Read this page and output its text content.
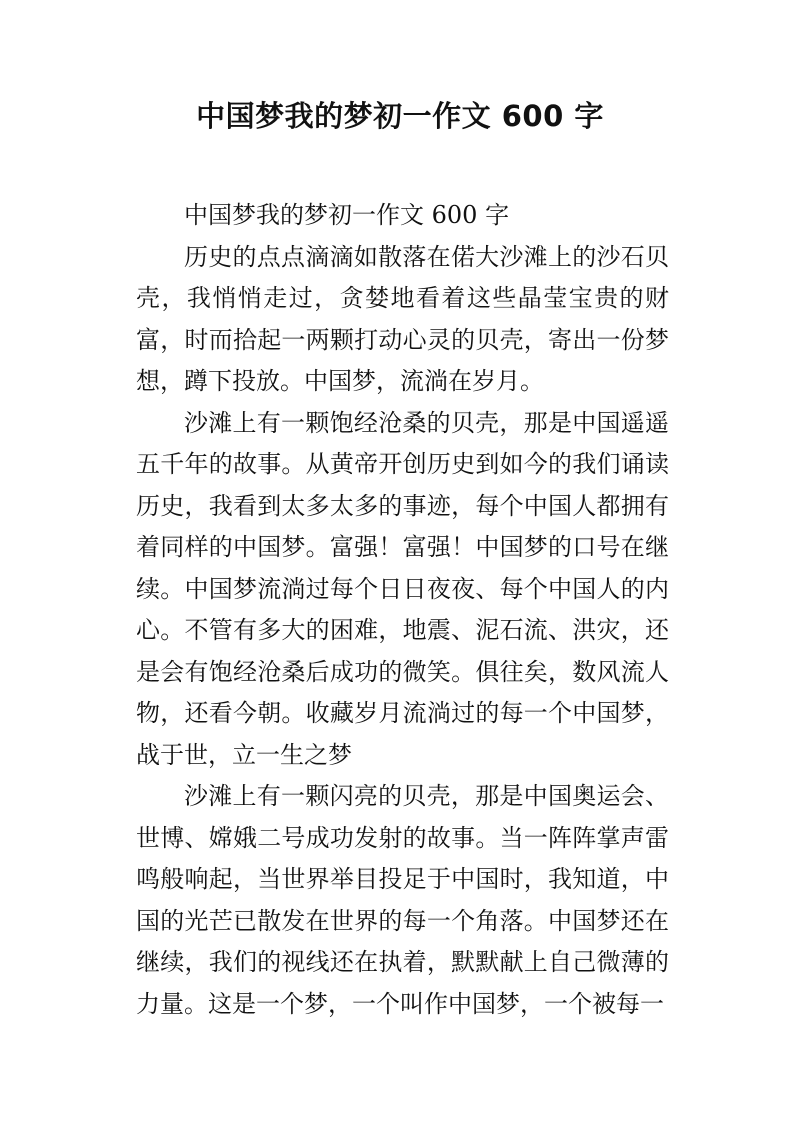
中国梦我的梦初一作文 600 字

中国梦我的梦初一作文 600 字

历史的点点滴滴如散落在偌大沙滩上的沙石贝壳，我悄悄走过，贪婪地看着这些晶莹宝贵的财富，时而拾起一两颗打动心灵的贝壳，寄出一份梦想，蹲下投放。中国梦，流淌在岁月。

沙滩上有一颗饱经沧桑的贝壳，那是中国遥遥五千年的故事。从黄帝开创历史到如今的我们诵读历史，我看到太多太多的事迹，每个中国人都拥有着同样的中国梦。富强！富强！中国梦的口号在继续。中国梦流淌过每个日日夜夜、每个中国人的内心。不管有多大的困难，地震、泥石流、洪灾，还是会有饱经沧桑后成功的微笑。俱往矣，数风流人物，还看今朝。收藏岁月流淌过的每一个中国梦，战于世，立一生之梦

沙滩上有一颗闪亮的贝壳，那是中国奥运会、世博、嫦娥二号成功发射的故事。当一阵阵掌声雷鸣般响起，当世界举目投足于中国时，我知道，中国的光芒已散发在世界的每一个角落。中国梦还在继续，我们的视线还在执着，默默献上自己微薄的力量。这是一个梦，一个叫作中国梦，一个被每一
